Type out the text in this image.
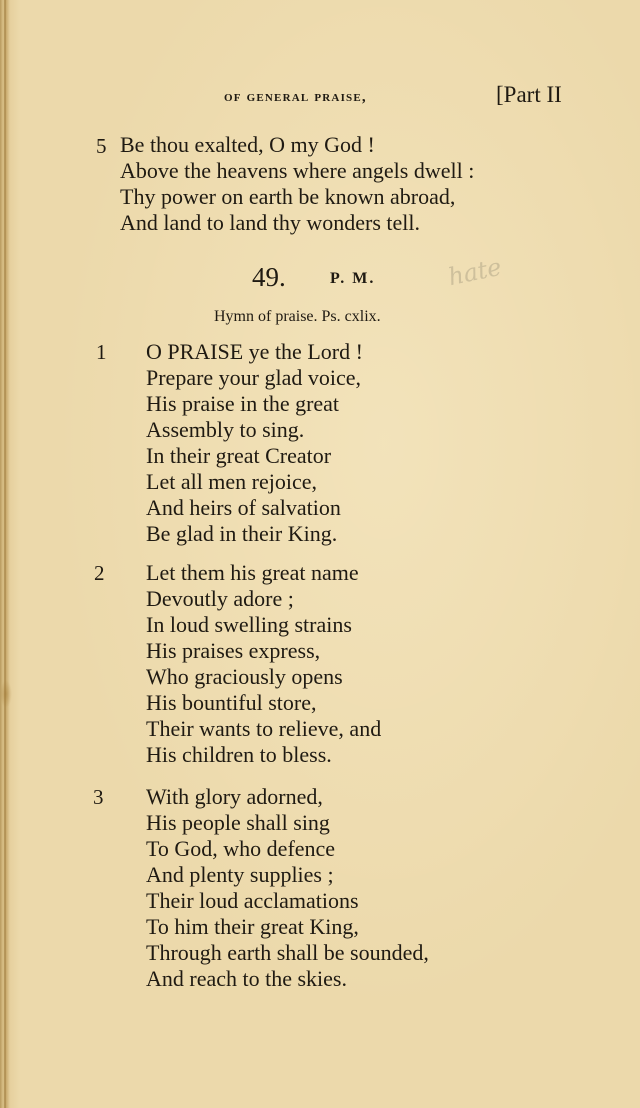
hate
of general praise,	[Part II
5 Be thou exalted, O my God !
Above the heavens where angels dwell :
Thy power on earth be known abroad,
And land to land thy wonders tell.
49.	P. M.
Hymn of praise. Ps. cxlix.
1 O PRAISE ye the Lord !
Prepare your glad voice,
His praise in the great
Assembly to sing.
In their great Creator
Let all men rejoice,
And heirs of salvation
Be glad in their King.
2 Let them his great name
Devoutly adore ;
In loud swelling strains
His praises express,
Who graciously opens
His bountiful store,
Their wants to relieve, and
His children to bless.
3 With glory adorned,
His people shall sing
To God, who defence
And plenty supplies ;
Their loud acclamations
To him their great King,
Through earth shall be sounded,
And reach to the skies.
